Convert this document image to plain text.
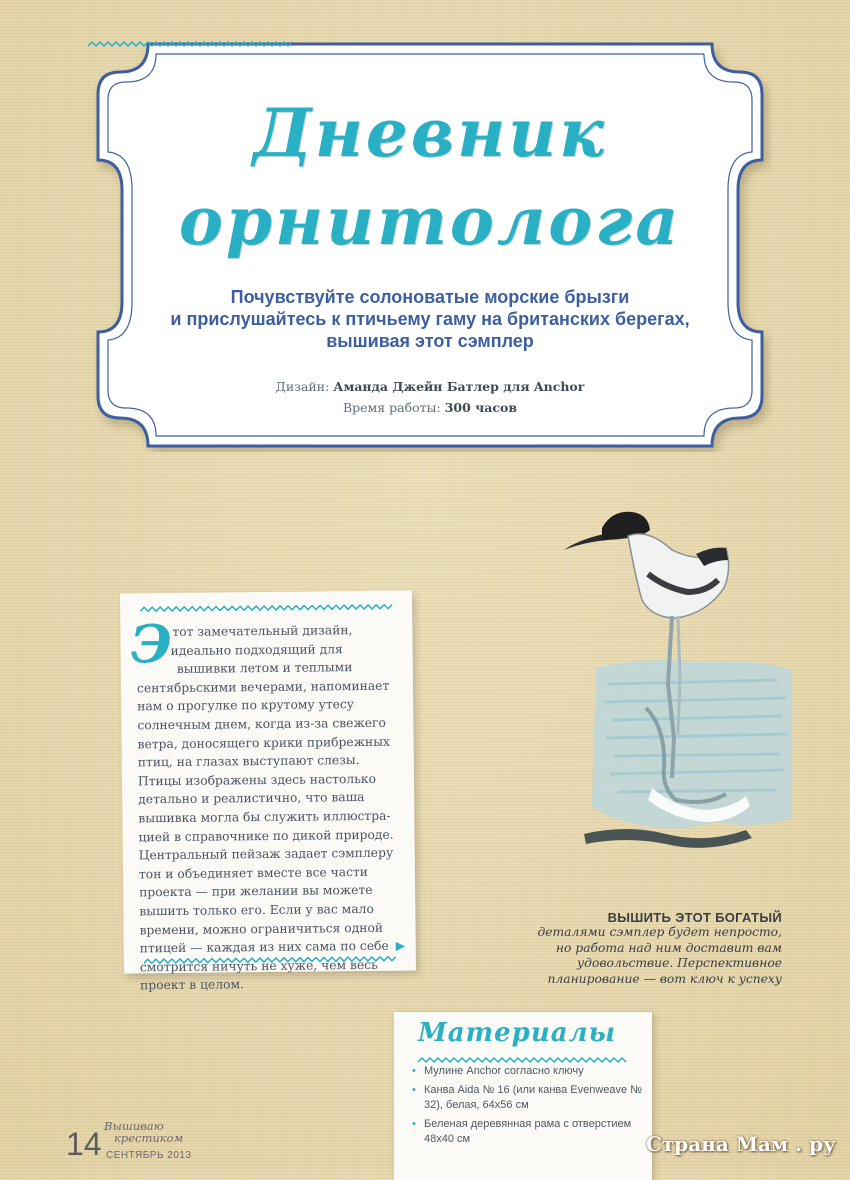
Дневник
орнитолога
Почувствуйте солоноватые морские брызги
и прислушайтесь к птичьему гаму на британских берегах,
вышивая этот сэмплер
Дизайн: Аманда Джейн Батлер для Anchor
Время работы: 300 часов
Э тот замечательный дизайн,
идеально подходящий для
вышивки летом и теплыми
сентябрьскими вечерами, напоминает
нам о прогулке по крутому утесу
солнечным днем, когда из-за свежего
ветра, доносящего крики прибрежных
птиц, на глазах выступают слезы.
Птицы изображены здесь настолько
детально и реалистично, что ваша
вышивка могла бы служить иллюстра-
цией в справочнике по дикой природе.
Центральный пейзаж задает сэмплеру
тон и объединяет вместе все части
проекта — при желании вы можете
вышить только его. Если у вас мало
времени, можно ограничиться одной
птицей — каждая из них сама по себе
смотрится ничуть не хуже, чем весь
проект в целом.
▶
ВЫШИТЬ ЭТОТ БОГАТЫЙ
деталями сэмплер будет непросто,
но работа над ним доставит вам
удовольствие. Перспективное
планирование — вот ключ к успеху
Материалы
• Мулине Anchor согласно ключу
• Канва Aida № 16 (или канва Evenweave № 32), белая, 64х56 см
• Беленая деревянная рама с отверстием 48х40 см
14 Вышиваю
крестиком
СЕНТЯБРЬ 2013	Страна Мам . ру
